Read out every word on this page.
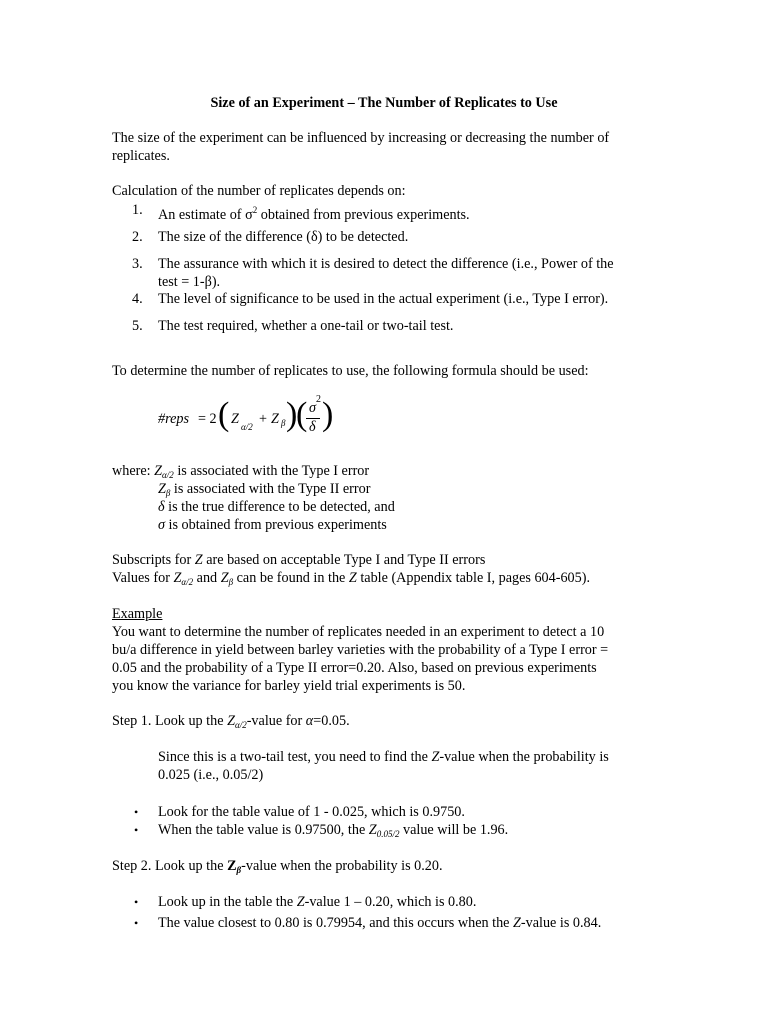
Size of an Experiment – The Number of Replicates to Use
The size of the experiment can be influenced by increasing or decreasing the number of
replicates.
Calculation of the number of replicates depends on:
1. An estimate of $\sigma^2$ obtained from previous experiments.
2. The size of the difference (δ) to be detected.
3. The assurance with which it is desired to detect the difference (i.e., Power of the
test = 1-β).
4. The level of significance to be used in the actual experiment (i.e., Type I error).
5. The test required, whether a one-tail or two-tail test.
To determine the number of replicates to use, the following formula should be used:
#reps = 2 ( Z α/2 + Z β )
( σ
δ )
2
where: $Z_{\alpha/2}$ is associated with the Type I error
$Z_\beta$ is associated with the Type II error
δ is the true difference to be detected, and
σ is obtained from previous experiments
Subscripts for Z are based on acceptable Type I and Type II errors
Values for $Z_{\alpha/2}$ and $Z_\beta$ can be found in the Z table (Appendix table I, pages 604-605).
Example
You want to determine the number of replicates needed in an experiment to detect a 10
bu/a difference in yield between barley varieties with the probability of a Type I error =
0.05 and the probability of a Type II error=0.20. Also, based on previous experiments
you know the variance for barley yield trial experiments is 50.
Step 1. Look up the $Z_{\alpha/2}$-value for α=0.05.
Since this is a two-tail test, you need to find the Z-value when the probability is
0.025 (i.e., 0.05/2)
• Look for the table value of 1 - 0.025, which is 0.9750.
• When the table value is 0.97500, the $Z_{0.05/2}$ value will be 1.96.
Step 2. Look up the $Z_\beta$-value when the probability is 0.20.
• Look up in the table the Z-value 1 – 0.20, which is 0.80.
• The value closest to 0.80 is 0.79954, and this occurs when the Z-value is 0.84.
